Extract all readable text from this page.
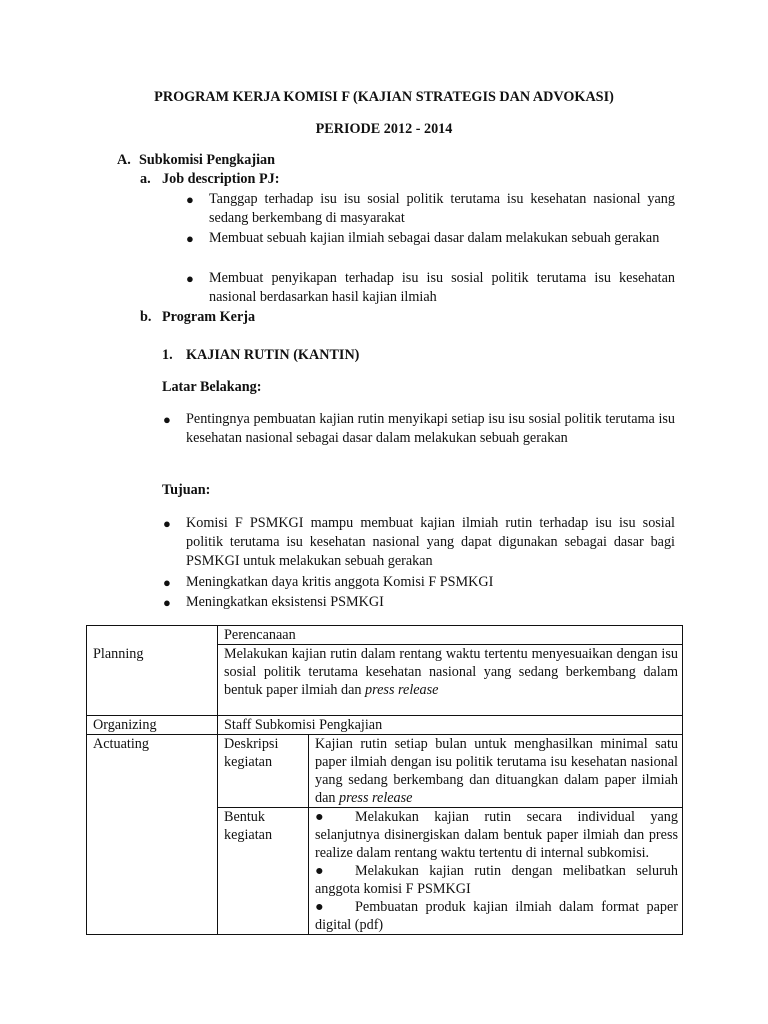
PROGRAM KERJA KOMISI F (KAJIAN STRATEGIS DAN ADVOKASI)
PERIODE 2012 - 2014
A. Subkomisi Pengkajian
a. Job description PJ:
● Tanggap terhadap isu isu sosial politik terutama isu kesehatan nasional yang sedang berkembang di masyarakat
● Membuat sebuah kajian ilmiah sebagai dasar dalam melakukan sebuah gerakan
● Membuat penyikapan terhadap isu isu sosial politik terutama isu kesehatan nasional berdasarkan hasil kajian ilmiah
b. Program Kerja
1. KAJIAN RUTIN (KANTIN)
Latar Belakang:
● Pentingnya pembuatan kajian rutin menyikapi setiap isu isu sosial politik terutama isu kesehatan nasional sebagai dasar dalam melakukan sebuah gerakan
Tujuan:
● Komisi F PSMKGI mampu membuat kajian ilmiah rutin terhadap isu isu sosial politik terutama isu kesehatan nasional yang dapat digunakan sebagai dasar bagi PSMKGI untuk melakukan sebuah gerakan
● Meningkatkan daya kritis anggota Komisi F PSMKGI
● Meningkatkan eksistensi PSMKGI
	Perencanaan	
Planning	Melakukan kajian rutin dalam rentang waktu tertentu menyesuaikan dengan isu sosial politik terutama kesehatan nasional yang sedang berkembang dalam bentuk paper ilmiah dan press release	
Organizing	Staff Subkomisi Pengkajian	
Actuating	Deskripsi kegiatan	Kajian rutin setiap bulan untuk menghasilkan minimal satu paper ilmiah dengan isu politik terutama isu kesehatan nasional yang sedang berkembang dan dituangkan dalam paper ilmiah dan press release
	Bentuk kegiatan	● Melakukan kajian rutin secara individual yang selanjutnya disinergiskan dalam bentuk paper ilmiah dan press realize dalam rentang waktu tertentu di internal subkomisi.
● Melakukan kajian rutin dengan melibatkan seluruh anggota komisi F PSMKGI
● Pembuatan produk kajian ilmiah dalam format paper digital (pdf)
